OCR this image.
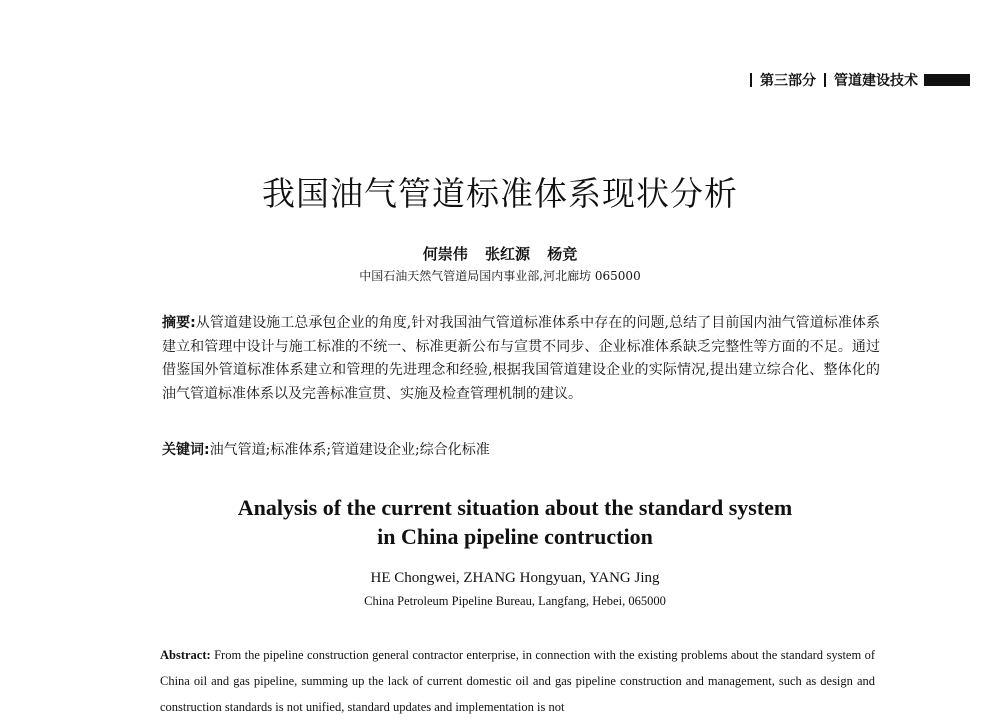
第三部分 管道建设技术
我国油气管道标准体系现状分析
何崇伟 张红源 杨竞
中国石油天然气管道局国内事业部,河北廊坊 065000
摘要:从管道建设施工总承包企业的角度,针对我国油气管道标准体系中存在的问题,总结了目前国内油气管道标准体系建立和管理中设计与施工标准的不统一、标准更新公布与宣贯不同步、企业标准体系缺乏完整性等方面的不足。通过借鉴国外管道标准体系建立和管理的先进理念和经验,根据我国管道建设企业的实际情况,提出建立综合化、整体化的油气管道标准体系以及完善标准宣贯、实施及检查管理机制的建议。
关键词:油气管道;标准体系;管道建设企业;综合化标准
Analysis of the current situation about the standard system
in China pipeline contruction
HE Chongwei, ZHANG Hongyuan, YANG Jing
China Petroleum Pipeline Bureau, Langfang, Hebei, 065000
Abstract: From the pipeline construction general contractor enterprise, in connection with the existing problems about the standard system of China oil and gas pipeline, summing up the lack of current domestic oil and gas pipeline construction and management, such as design and construction standards is not unified, standard updates and implementation is not
